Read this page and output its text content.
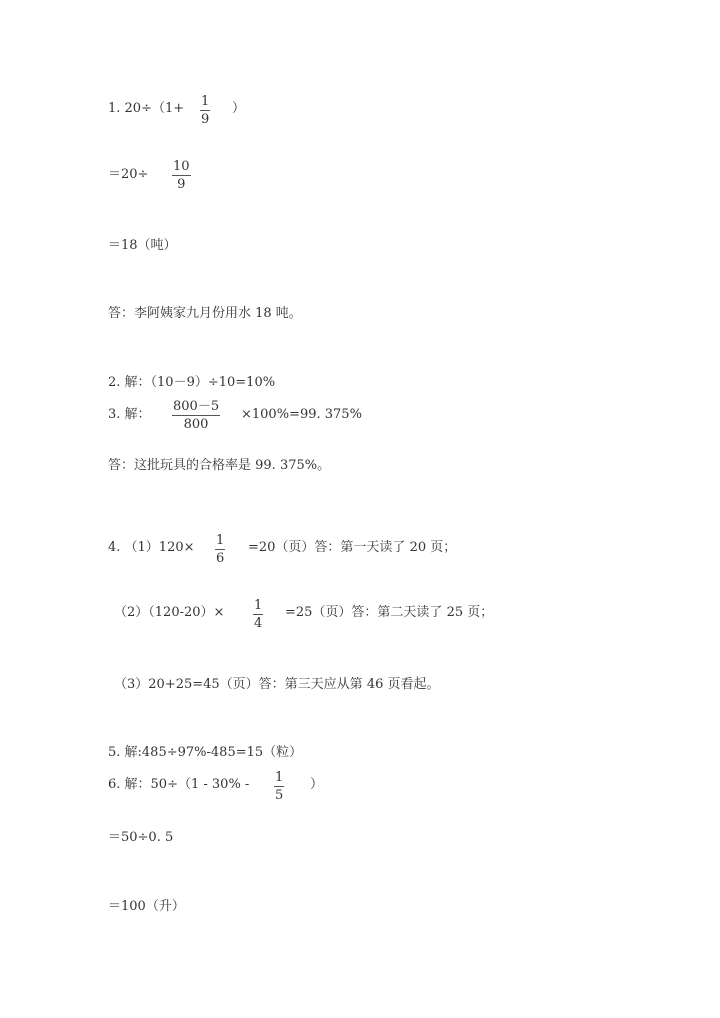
1. 20÷（1+ 1
9
）
＝20÷
10
9
＝18（吨）
答：李阿姨家九月份用水 18 吨。
2. 解：（10－9）÷10=10%
3. 解：
800－5
800
×100%=99. 375%
答：这批玩具的合格率是 99. 375%。
4. （1）120× 1
6
=20（页）答：第一天读了 20 页；
（2）（120-20）× 1
4
=25（页）答：第二天读了 25 页；
（3）20+25=45（页）答：第三天应从第 46 页看起。
5. 解:485÷97%-485=15（粒）
6. 解：50÷（1 - 30% - 1
5
）
＝50÷0. 5
＝100（升）
